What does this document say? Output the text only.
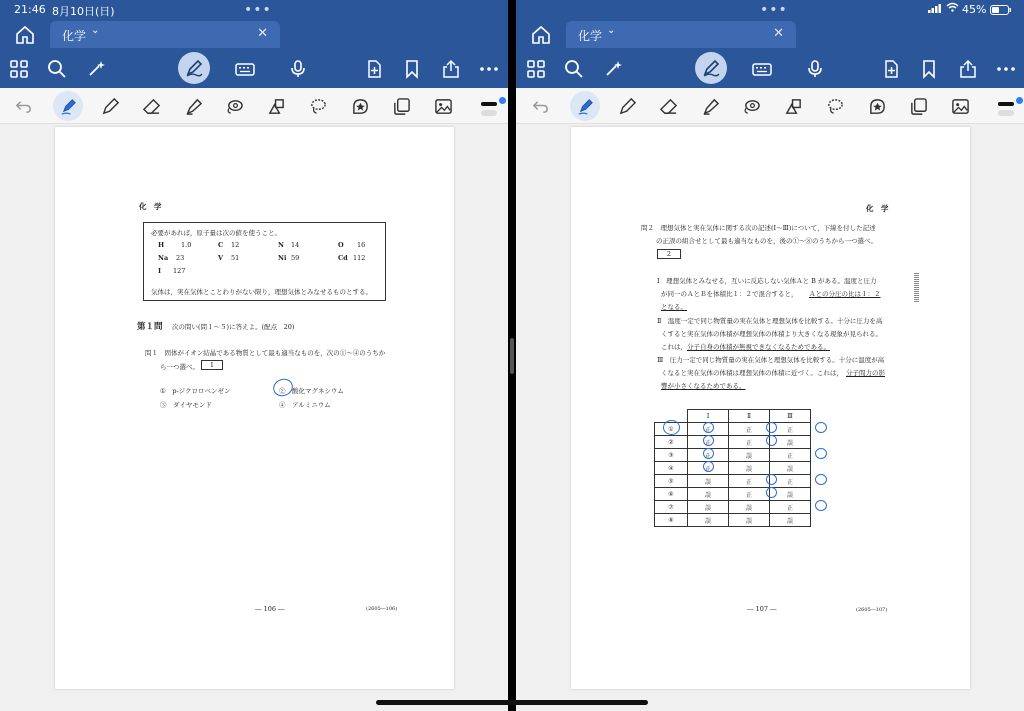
21:46 8月10日(日)	•••
化学 ⌄	✕
化　学
必要があれば，原子量は次の値を使うこと。
H	1.0	C 12	N 14	O 16
Na 23	V 51	Ni 59	Cd 112
I 127
気体は，実在気体とことわりがない限り，理想気体とみなせるものとする。
第１問 次の問い(問１～５)に答えよ。(配点　20)
問１　固体がイオン結晶である物質として最も適当なものを，次の①～④のうちか
ら一つ選べ。	1
①　p-ジクロロベンゼン	②　酸化マグネシウム
③　ダイヤモンド	④　アルミニウム
― 106 ―	(2605―106)
•••	45%
化学 ⌄	✕
化　学
問２　理想気体と実在気体に関する次の記述(Ⅰ～Ⅲ)について，下線を付した記述
の正誤の組合せとして最も適当なものを，後の①～⑧のうちから一つ選べ。
2
Ⅰ　理想気体とみなせる，互いに反応しない気体Ａと B がある。温度と圧力
が同一のＡとＢを体積比１：２で混合すると， Ａとの分圧の比は１：２
となる。
Ⅱ　温度一定で同じ物質量の実在気体と理想気体を比較する。十分に圧力を高
くすると実在気体の体積が理想気体の体積より大きくなる現象が見られる。
これは， 分子自身の体積が無視できなくなるためである。
Ⅲ　圧力一定で同じ物質量の実在気体と理想気体を比較する。十分に温度が高
くなると実在気体の体積は理想気体の体積に近づく。これは， 分子間力の影
響が小さくなるためである。
	Ⅰ	Ⅱ	Ⅲ
①	正	正	正
②	正	正	誤
③	正	誤	正
④	正	誤	誤
⑤	誤	正	正
⑥	誤	正	誤
⑦	誤	誤	正
⑧	誤	誤	誤
― 107 ―	(2605―107)
